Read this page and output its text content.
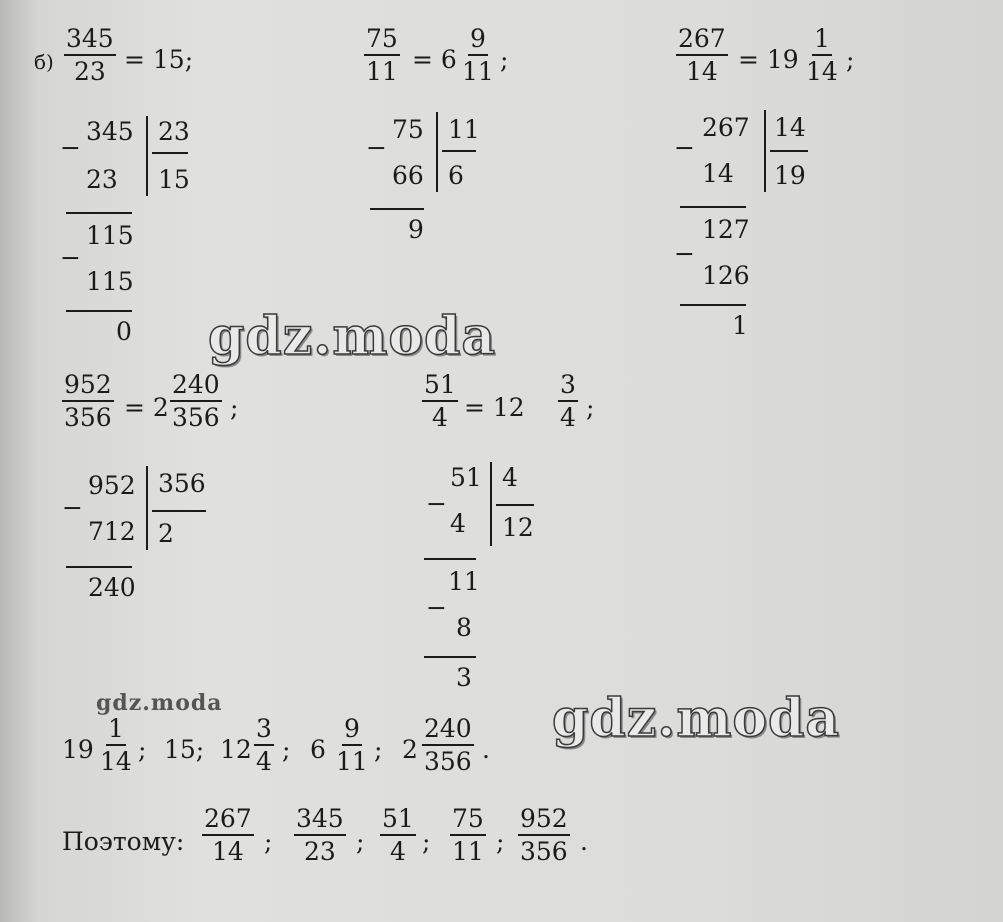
$б) \frac{345}{23} = 15$;	$\frac{75}{11} = 6 \frac{9}{11}$ ;	$\frac{267}{14} = 19 \frac{1}{14}$ ;
−
345
23
23
15
−
115
115
0
−
75
66
11
6
9
−
267
14
14
19
−
127
126
1
gdz.moda
$\frac{952}{356} = 2 \frac{240}{356}$ ;	$\frac{51}{4} = 12 \frac{3}{4}$ ;
−
952
712
356
2
240
−
51
4
4
12
−
11
8
3
gdz.moda	gdz.moda
$19 \frac{1}{14}$ ; 15; $12 \frac{3}{4}$ ; $6 \frac{9}{11}$ ; $2 \frac{240}{356}$ .
Поэтому: $\frac{267}{14}$ ; $\frac{345}{23}$ ; $\frac{51}{4}$ ; $\frac{75}{11}$ ; $\frac{952}{356}$ .
